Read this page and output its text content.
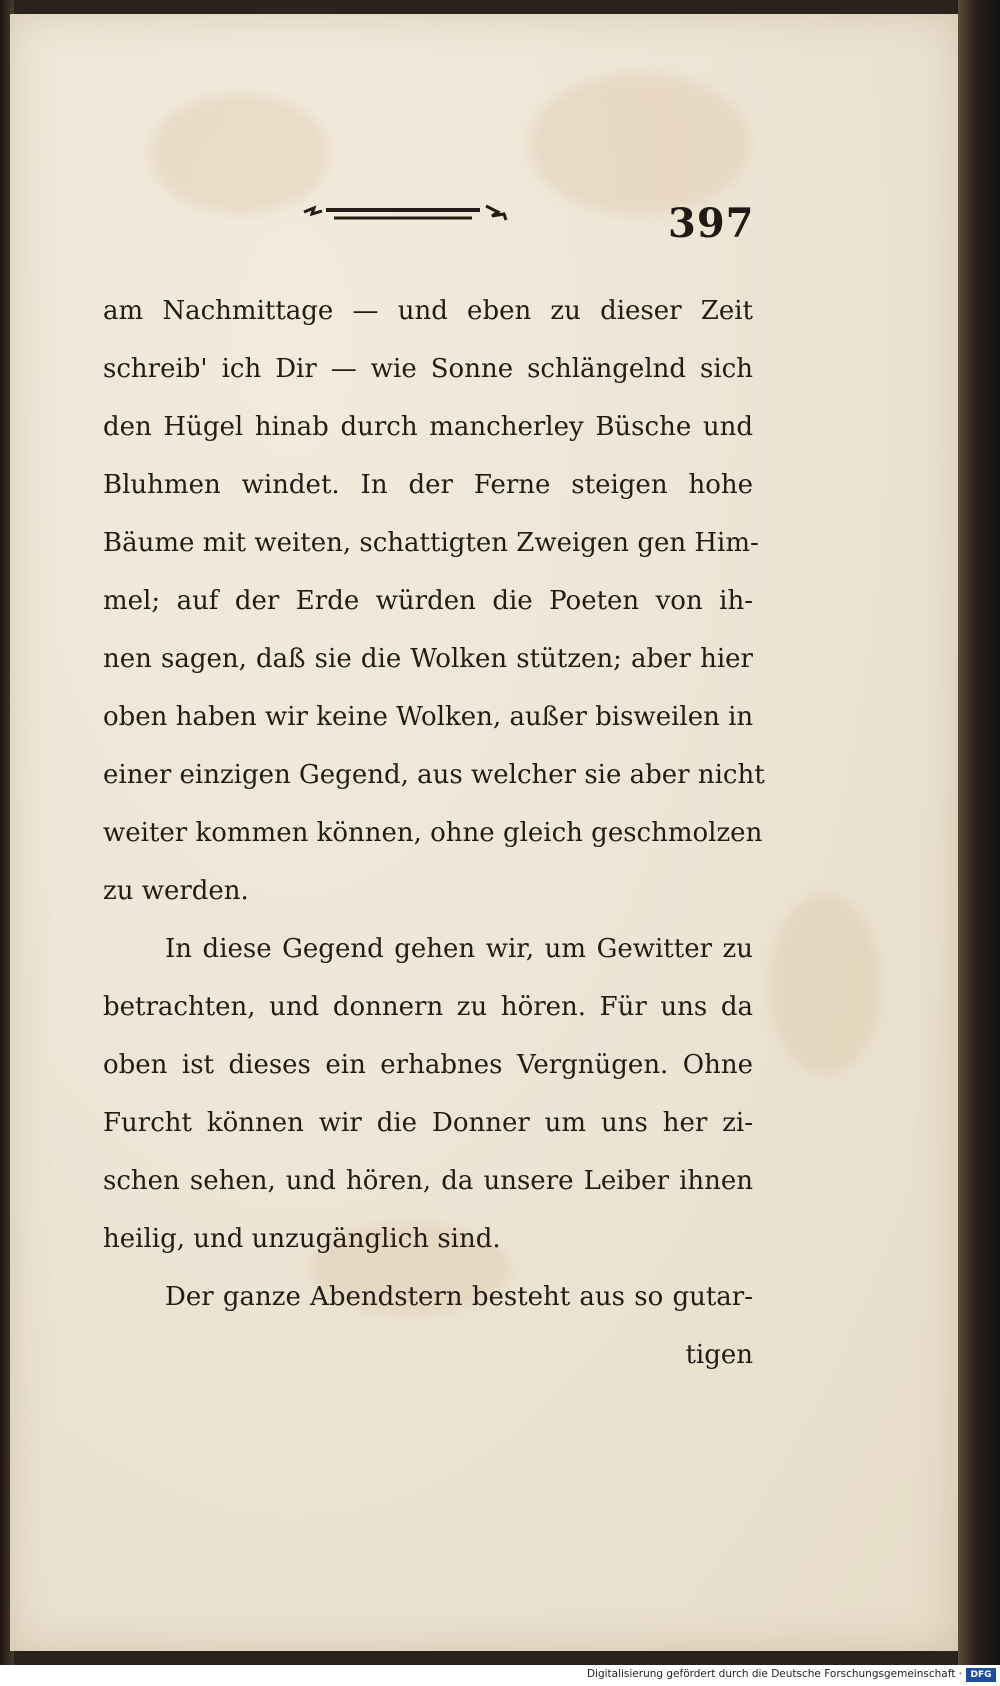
397
am Nachmittage — und eben zu dieser Zeit
schreib' ich Dir — wie Sonne schlängelnd sich
den Hügel hinab durch mancherley Büsche und
Bluhmen windet. In der Ferne steigen hohe
Bäume mit weiten, schattigten Zweigen gen Him-
mel; auf der Erde würden die Poeten von ih-
nen sagen, daß sie die Wolken stützen; aber hier
oben haben wir keine Wolken, außer bisweilen in
einer einzigen Gegend, aus welcher sie aber nicht
weiter kommen können, ohne gleich geschmolzen
zu werden.
In diese Gegend gehen wir, um Gewitter zu
betrachten, und donnern zu hören. Für uns da
oben ist dieses ein erhabnes Vergnügen. Ohne
Furcht können wir die Donner um uns her zi-
schen sehen, und hören, da unsere Leiber ihnen
heilig, und unzugänglich sind.
Der ganze Abendstern besteht aus so gutar-
tigen
Digitalisierung gefördert durch die Deutsche Forschungsgemeinschaft · DFG
